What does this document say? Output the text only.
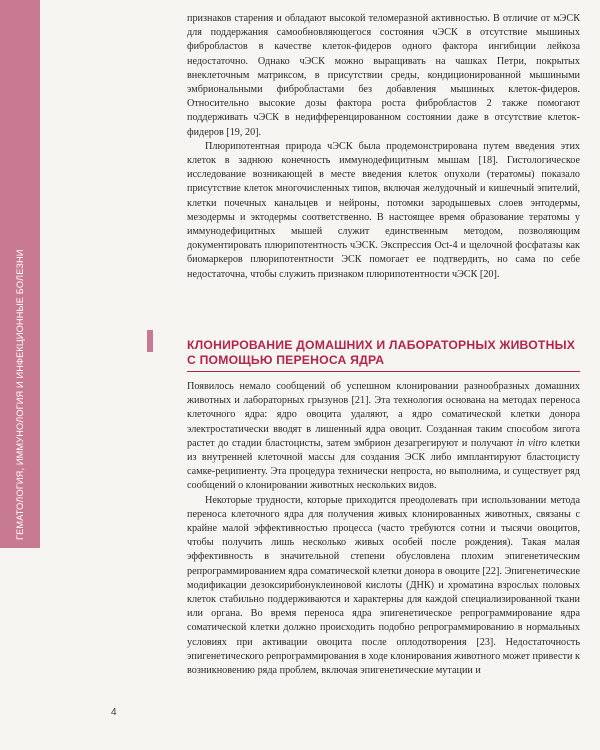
ГЕМАТОЛОГИЯ, ИММУНОЛОГИЯ И ИНФЕКЦИОННЫЕ БОЛЕЗНИ

признаков старения и обладают высокой теломеразной активностью. В отличие от мЭСК для поддержания самообновляющегося состояния чЭСК в отсутствие мышиных фибробластов в качестве клеток-фидеров одного фактора ингибиции лейкоза недостаточно. Однако чЭСК можно выращивать на чашках Петри, покрытых внеклеточным матриксом, в присутствии среды, кондиционированной мышиными эмбриональными фибробластами без добавления мышиных клеток-фидеров. Относительно высокие дозы фактора роста фибробластов 2 также помогают поддерживать чЭСК в недифференцированном состоянии даже в отсутствие клеток-фидеров [19, 20].

Плюрипотентная природа чЭСК была продемонстрирована путем введения этих клеток в заднюю конечность иммунодефицитным мышам [18]. Гистологическое исследование возникающей в месте введения клеток опухоли (тератомы) показало присутствие клеток многочисленных типов, включая желудочный и кишечный эпителий, клетки почечных канальцев и нейроны, потомки зародышевых слоев энтодермы, мезодермы и эктодермы соответственно. В настоящее время образование тератомы у иммунодефицитных мышей служит единственным методом, позволяющим документировать плюрипотентность чЭСК. Экспрессия Oct-4 и щелочной фосфатазы как биомаркеров плюрипотентности ЭСК помогает ее подтвердить, но сама по себе недостаточна, чтобы служить признаком плюрипотентности чЭСК [20].

КЛОНИРОВАНИЕ ДОМАШНИХ И ЛАБОРАТОРНЫХ ЖИВОТНЫХ С ПОМОЩЬЮ ПЕРЕНОСА ЯДРА

Появилось немало сообщений об успешном клонировании разнообразных домашних животных и лабораторных грызунов [21]. Эта технология основана на методах переноса клеточного ядра: ядро овоцита удаляют, а ядро соматической клетки донора электростатически вводят в лишенный ядра овоцит. Созданная таким способом зигота растет до стадии бластоцисты, затем эмбрион дезагрегируют и получают in vitro клетки из внутренней клеточной массы для создания ЭСК либо имплантируют бластоцисту самке-реципиенту. Эта процедура технически непроста, но выполнима, и существует ряд сообщений о клонировании животных нескольких видов.

Некоторые трудности, которые приходится преодолевать при использовании метода переноса клеточного ядра для получения живых клонированных животных, связаны с крайне малой эффективностью процесса (часто требуются сотни и тысячи овоцитов, чтобы получить лишь несколько живых особей после рождения). Такая малая эффективность в значительной степени обусловлена плохим эпигенетическим репрограммированием ядра соматической клетки донора в овоците [22]. Эпигенетические модификации дезоксирибонуклеиновой кислоты (ДНК) и хроматина взрослых половых клеток стабильно поддерживаются и характерны для каждой специализированной ткани или органа. Во время переноса ядра эпигенетическое репрограммирование ядра соматической клетки должно происходить подобно репрограммированию в нормальных условиях при активации овоцита после оплодотворения [23]. Недостаточность эпигенетического репрограммирования в ходе клонирования животного может привести к возникновению ряда проблем, включая эпигенетические мутации и

4
